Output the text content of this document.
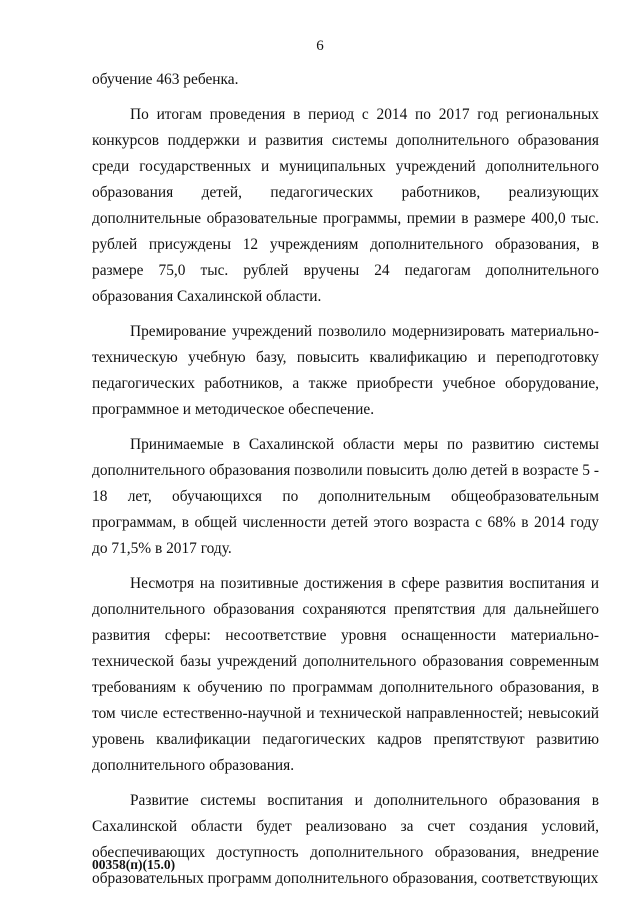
6

обучение 463 ребенка.

По итогам проведения в период с 2014 по 2017 год региональных конкурсов поддержки и развития системы дополнительного образования среди государственных и муниципальных учреждений дополнительного образования детей, педагогических работников, реализующих дополнительные образовательные программы, премии в размере 400,0 тыс. рублей присуждены 12 учреждениям дополнительного образования, в размере 75,0 тыс. рублей вручены 24 педагогам дополнительного образования Сахалинской области.

Премирование учреждений позволило модернизировать материально-техническую учебную базу, повысить квалификацию и переподготовку педагогических работников, а также приобрести учебное оборудование, программное и методическое обеспечение.

Принимаемые в Сахалинской области меры по развитию системы дополнительного образования позволили повысить долю детей в возрасте 5 - 18 лет, обучающихся по дополнительным общеобразовательным программам, в общей численности детей этого возраста с 68% в 2014 году до 71,5% в 2017 году.

Несмотря на позитивные достижения в сфере развития воспитания и дополнительного образования сохраняются препятствия для дальнейшего развития сферы: несоответствие уровня оснащенности материально-технической базы учреждений дополнительного образования современным требованиям к обучению по программам дополнительного образования, в том числе естественно-научной и технической направленностей; невысокий уровень квалификации педагогических кадров препятствуют развитию дополнительного образования.

Развитие системы воспитания и дополнительного образования в Сахалинской области будет реализовано за счет создания условий, обеспечивающих доступность дополнительного образования, внедрение образовательных программ дополнительного образования, соответствующих

00358(п)(15.0)
